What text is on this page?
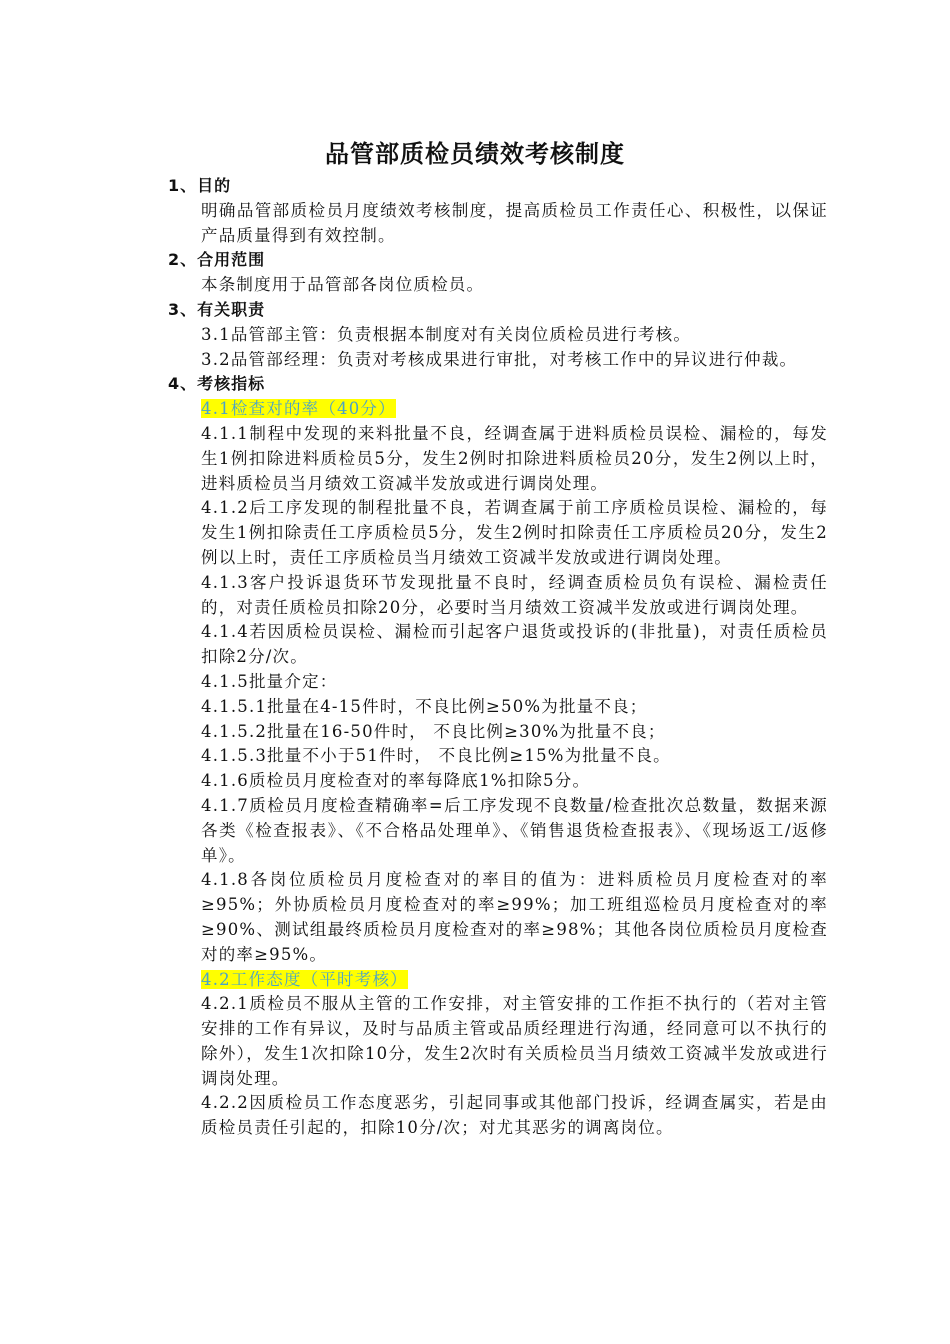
品管部质检员绩效考核制度
1、目的
明确品管部质检员月度绩效考核制度，提高质检员工作责任心、积极性，以保证产品质量得到有效控制。
2、合用范围
本条制度用于品管部各岗位质检员。
3、有关职责
3.1品管部主管：负责根据本制度对有关岗位质检员进行考核。
3.2品管部经理：负责对考核成果进行审批，对考核工作中的异议进行仲裁。
4、考核指标
4.1检查对的率（40分）
4.1.1制程中发现的来料批量不良，经调查属于进料质检员误检、漏检的，每发生1例扣除进料质检员5分，发生2例时扣除进料质检员20分，发生2例以上时，进料质检员当月绩效工资减半发放或进行调岗处理。
4.1.2后工序发现的制程批量不良，若调查属于前工序质检员误检、漏检的，每发生1例扣除责任工序质检员5分，发生2例时扣除责任工序质检员20分，发生2例以上时，责任工序质检员当月绩效工资减半发放或进行调岗处理。
4.1.3客户投诉退货环节发现批量不良时，经调查质检员负有误检、漏检责任的，对责任质检员扣除20分，必要时当月绩效工资减半发放或进行调岗处理。
4.1.4若因质检员误检、漏检而引起客户退货或投诉的(非批量)，对责任质检员扣除2分/次。
4.1.5批量介定：
4.1.5.1批量在4-15件时，不良比例≥50%为批量不良；
4.1.5.2批量在16-50件时， 不良比例≥30%为批量不良；
4.1.5.3批量不小于51件时， 不良比例≥15%为批量不良。
4.1.6质检员月度检查对的率每降底1%扣除5分。
4.1.7质检员月度检查精确率=后工序发现不良数量/检查批次总数量，数据来源各类《检查报表》、《不合格品处理单》、《销售退货检查报表》、《现场返工/返修单》。
4.1.8各岗位质检员月度检查对的率目的值为：进料质检员月度检查对的率≥95%；外协质检员月度检查对的率≥99%；加工班组巡检员月度检查对的率≥90%、测试组最终质检员月度检查对的率≥98%；其他各岗位质检员月度检查对的率≥95%。
4.2工作态度（平时考核）
4.2.1质检员不服从主管的工作安排，对主管安排的工作拒不执行的（若对主管安排的工作有异议，及时与品质主管或品质经理进行沟通，经同意可以不执行的除外），发生1次扣除10分，发生2次时有关质检员当月绩效工资减半发放或进行调岗处理。
4.2.2因质检员工作态度恶劣，引起同事或其他部门投诉，经调查属实，若是由质检员责任引起的，扣除10分/次；对尤其恶劣的调离岗位。
